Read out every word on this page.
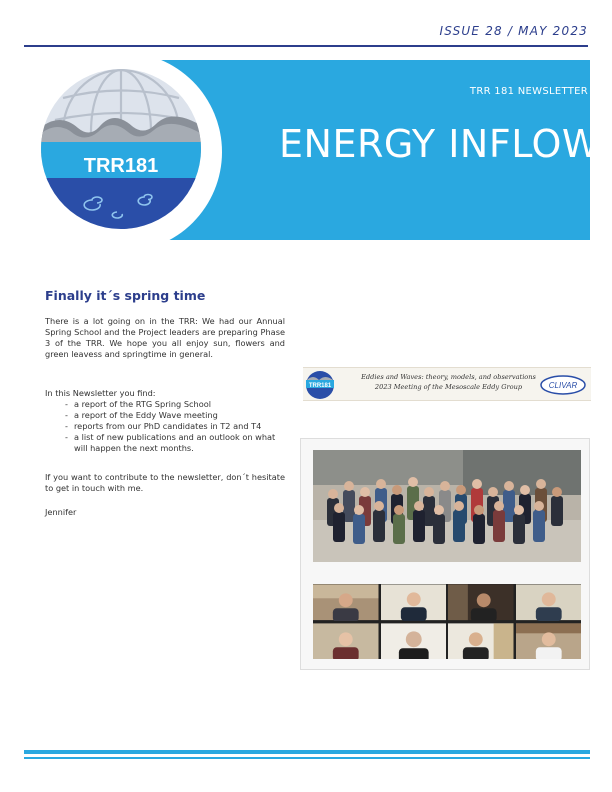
ISSUE 28 / MAY 2023
TRR 181 NEWSLETTER
ENERGY INFLOW
TRR181
Finally it´s spring time

There is a lot going on in the TRR: We had our Annual Spring School and the Project leaders are preparing Phase 3 of the TRR. We hope you all enjoy sun, flowers and green leavess and springtime in general.

In this Newsletter you find:
- a report of the RTG Spring School
- a report of the Eddy Wave meeting
- reports from our PhD candidates in T2 and T4
- a list of new publications and an outlook on what will happen the next months.

If you want to contribute to the newsletter, don´t hesitate to get in touch with me.

Jennifer

TRR181
Eddies and Waves: theory, models, and observations
2023 Meeting of the Mesoscale Eddy Group	CLIVAR
